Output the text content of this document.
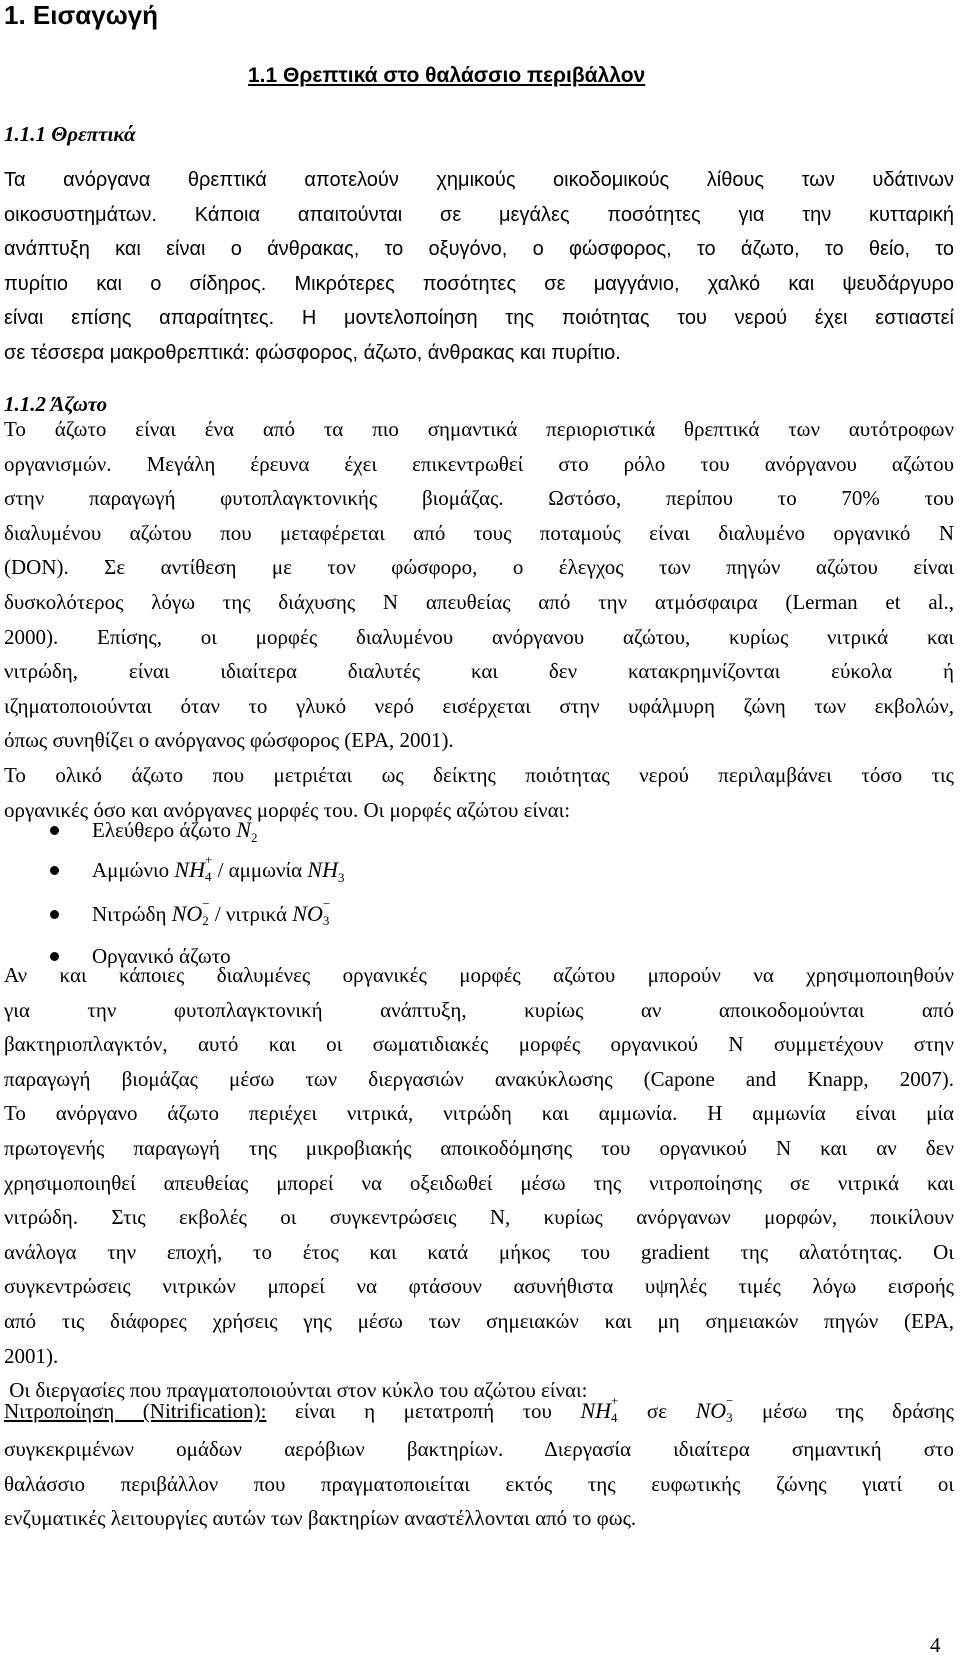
1. Εισαγωγή
1.1 Θρεπτικά στο θαλάσσιο περιβάλλον
1.1.1 Θρεπτικά
Τα ανόργανα θρεπτικά αποτελούν χημικούς οικοδομικούς λίθους των υδάτινων
οικοσυστημάτων. Κάποια απαιτούνται σε μεγάλες ποσότητες για την κυτταρική
ανάπτυξη και είναι ο άνθρακας, το οξυγόνο, ο φώσφορος, το άζωτο, το θείο, το
πυρίτιο και ο σίδηρος. Μικρότερες ποσότητες σε μαγγάνιο, χαλκό και ψευδάργυρο
είναι επίσης απαραίτητες. Η μοντελοποίηση της ποιότητας του νερού έχει εστιαστεί
σε τέσσερα μακροθρεπτικά: φώσφορος, άζωτο, άνθρακας και πυρίτιο.
1.1.2 Άζωτο
Το άζωτο είναι ένα από τα πιο σημαντικά περιοριστικά θρεπτικά των αυτότροφων
οργανισμών. Μεγάλη έρευνα έχει επικεντρωθεί στο ρόλο του ανόργανου αζώτου
στην παραγωγή φυτοπλαγκτονικής βιομάζας. Ωστόσο, περίπου το 70% του
διαλυμένου αζώτου που μεταφέρεται από τους ποταμούς είναι διαλυμένο οργανικό N
(DON). Σε αντίθεση με τον φώσφορο, ο έλεγχος των πηγών αζώτου είναι
δυσκολότερος λόγω της διάχυσης N απευθείας από την ατμόσφαιρα (Lerman et al.,
2000). Επίσης, οι μορφές διαλυμένου ανόργανου αζώτου, κυρίως νιτρικά και
νιτρώδη, είναι ιδιαίτερα διαλυτές και δεν κατακρημνίζονται εύκολα ή
ιζηματοποιούνται όταν το γλυκό νερό εισέρχεται στην υφάλμυρη ζώνη των εκβολών,
όπως συνηθίζει ο ανόργανος φώσφορος (EPA, 2001).
Το ολικό άζωτο που μετριέται ως δείκτης ποιότητας νερού περιλαμβάνει τόσο τις
οργανικές όσο και ανόργανες μορφές του. Οι μορφές αζώτου είναι:
Ελεύθερο άζωτο $N_2$
Αμμώνιο NH +
4 / αμμωνία $NH_3$
Νιτρώδη NO −
2 / νιτρικά NO −
3
Οργανικό άζωτο
Αν και κάποιες διαλυμένες οργανικές μορφές αζώτου μπορούν να χρησιμοποιηθούν
για την φυτοπλαγκτονική ανάπτυξη, κυρίως αν αποικοδομούνται από
βακτηριοπλαγκτόν, αυτό και οι σωματιδιακές μορφές οργανικού N συμμετέχουν στην
παραγωγή βιομάζας μέσω των διεργασιών ανακύκλωσης (Capone and Knapp, 2007).
Το ανόργανο άζωτο περιέχει νιτρικά, νιτρώδη και αμμωνία. Η αμμωνία είναι μία
πρωτογενής παραγωγή της μικροβιακής αποικοδόμησης του οργανικού N και αν δεν
χρησιμοποιηθεί απευθείας μπορεί να οξειδωθεί μέσω της νιτροποίησης σε νιτρικά και
νιτρώδη. Στις εκβολές οι συγκεντρώσεις N, κυρίως ανόργανων μορφών, ποικίλουν
ανάλογα την εποχή, το έτος και κατά μήκος του gradient της αλατότητας. Οι
συγκεντρώσεις νιτρικών μπορεί να φτάσουν ασυνήθιστα υψηλές τιμές λόγω εισροής
από τις διάφορες χρήσεις γης μέσω των σημειακών και μη σημειακών πηγών (EPA,
2001).
Οι διεργασίες που πραγματοποιούνται στον κύκλο του αζώτου είναι:
Νιτροποίηση (Nitrification): είναι η μετατροπή του NH +
4 σε NO −
3 μέσω της δράσης
συγκεκριμένων ομάδων αερόβιων βακτηρίων. Διεργασία ιδιαίτερα σημαντική στο
θαλάσσιο περιβάλλον που πραγματοποιείται εκτός της ευφωτικής ζώνης γιατί οι
ενζυματικές λειτουργίες αυτών των βακτηρίων αναστέλλονται από το φως.

4
